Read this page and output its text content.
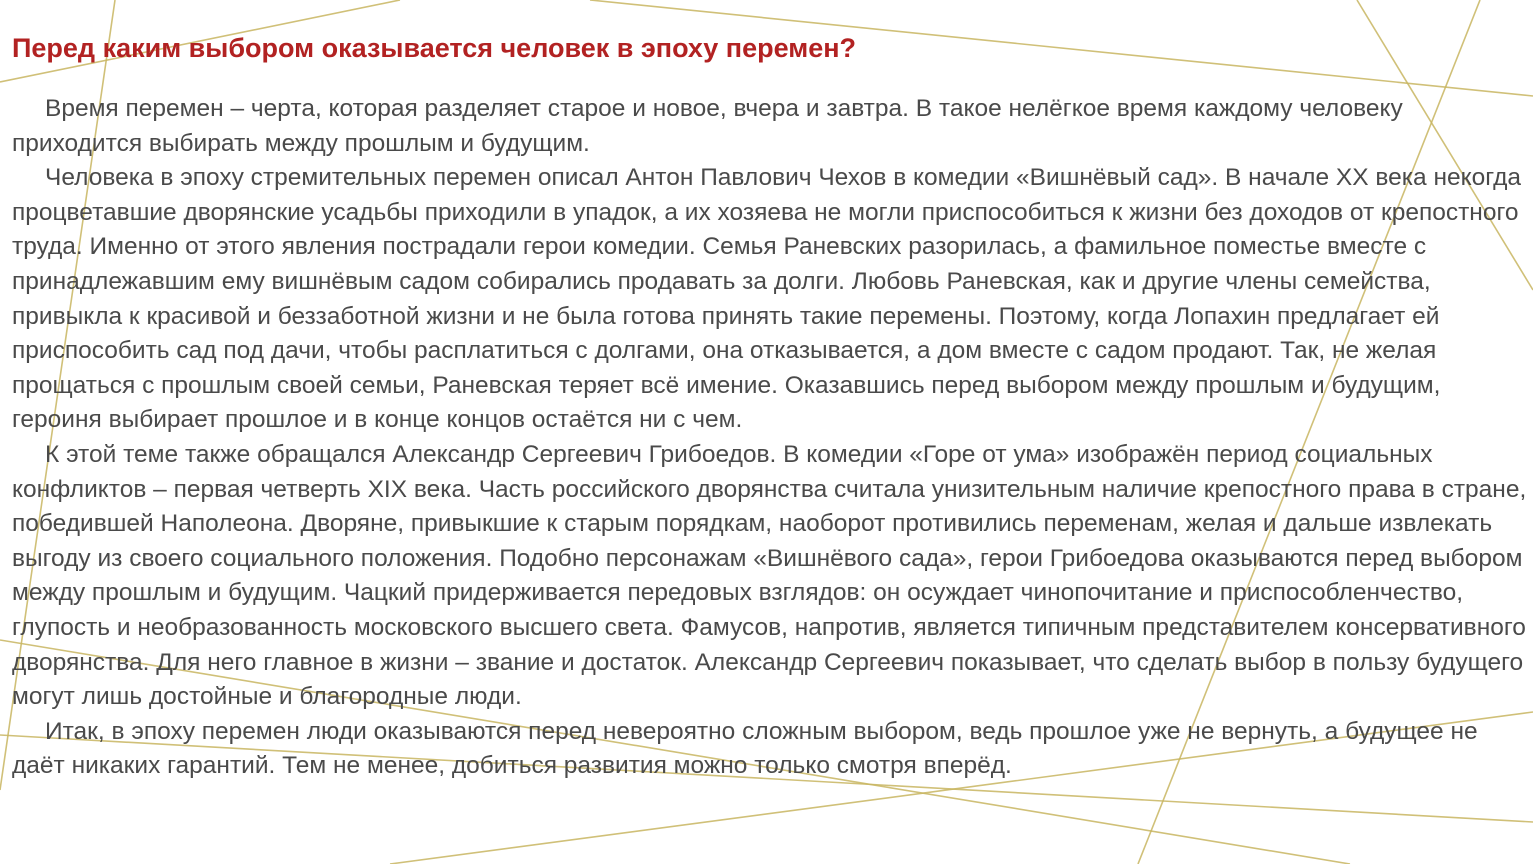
Перед каким выбором оказывается человек в эпоху перемен?

Время перемен – черта, которая разделяет старое и новое, вчера и завтра. В такое нелёгкое время каждому человеку приходится выбирать между прошлым и будущим.

Человека в эпоху стремительных перемен описал Антон Павлович Чехов в комедии «Вишнёвый сад». В начале XX века некогда процветавшие дворянские усадьбы приходили в упадок, а их хозяева не могли приспособиться к жизни без доходов от крепостного труда. Именно от этого явления пострадали герои комедии. Семья Раневских разорилась, а фамильное поместье вместе с принадлежавшим ему вишнёвым садом собирались продавать за долги. Любовь Раневская, как и другие члены семейства, привыкла к красивой и беззаботной жизни и не была готова принять такие перемены. Поэтому, когда Лопахин предлагает ей приспособить сад под дачи, чтобы расплатиться с долгами, она отказывается, а дом вместе с садом продают. Так, не желая прощаться с прошлым своей семьи, Раневская теряет всё имение. Оказавшись перед выбором между прошлым и будущим, героиня выбирает прошлое и в конце концов остаётся ни с чем.

К этой теме также обращался Александр Сергеевич Грибоедов. В комедии «Горе от ума» изображён период социальных конфликтов – первая четверть XIX века. Часть российского дворянства считала унизительным наличие крепостного права в стране, победившей Наполеона. Дворяне, привыкшие к старым порядкам, наоборот противились переменам, желая и дальше извлекать выгоду из своего социального положения. Подобно персонажам «Вишнёвого сада», герои Грибоедова оказываются перед выбором между прошлым и будущим. Чацкий придерживается передовых взглядов: он осуждает чинопочитание и приспособленчество, глупость и необразованность московского высшего света. Фамусов, напротив, является типичным представителем консервативного дворянства. Для него главное в жизни – звание и достаток. Александр Сергеевич показывает, что сделать выбор в пользу будущего могут лишь достойные и благородные люди.

Итак, в эпоху перемен люди оказываются перед невероятно сложным выбором, ведь прошлое уже не вернуть, а будущее не даёт никаких гарантий. Тем не менее, добиться развития можно только смотря вперёд.
